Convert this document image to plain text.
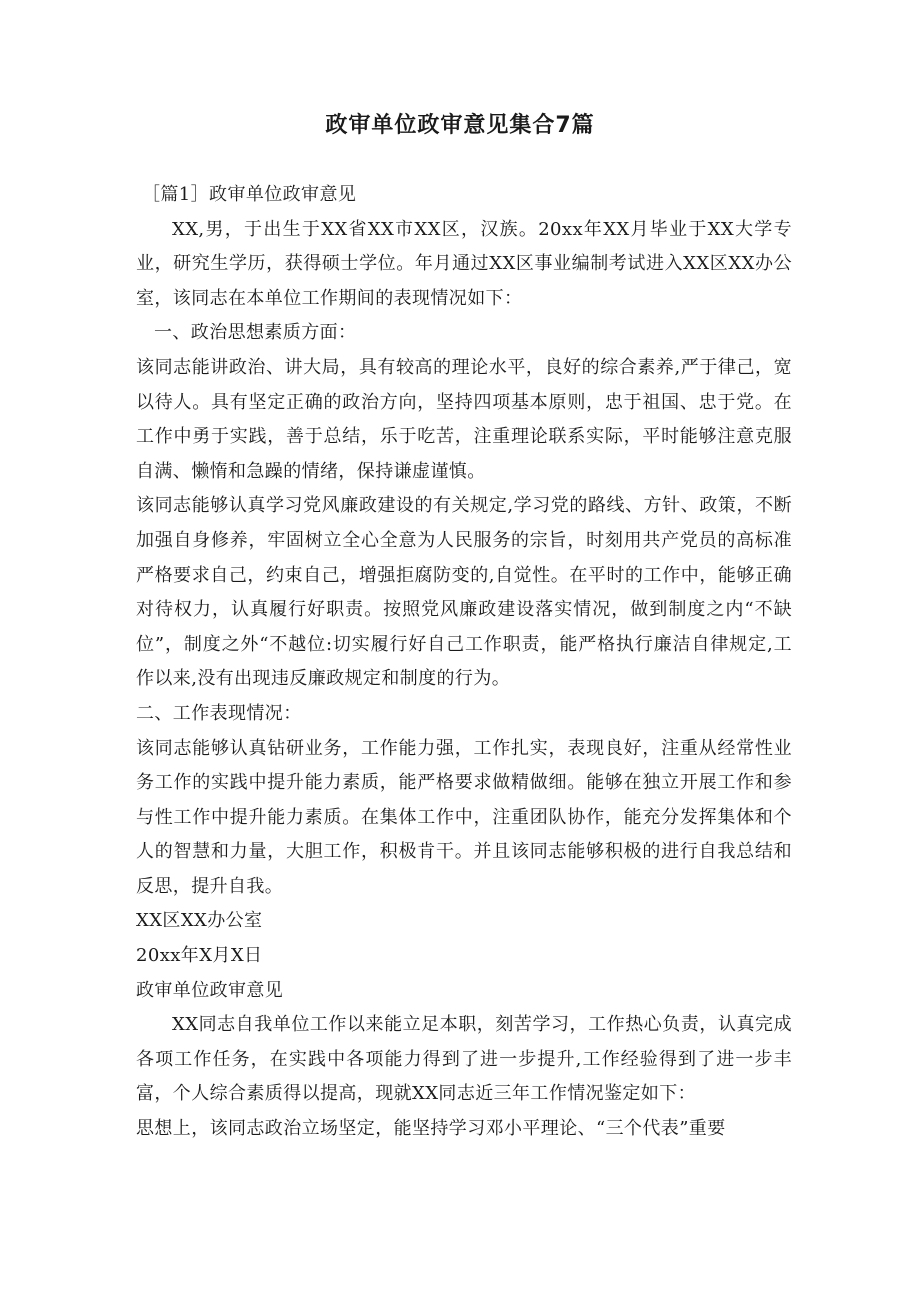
政审单位政审意见集合7篇

［篇1］政审单位政审意见

XX,男，于出生于XX省XX市XX区，汉族。20xx年XX月毕业于XX大学专业，研究生学历，获得硕士学位。年月通过XX区事业编制考试进入XX区XX办公室，该同志在本单位工作期间的表现情况如下：

一、政治思想素质方面：

该同志能讲政治、讲大局，具有较高的理论水平，良好的综合素养,严于律己，宽以待人。具有坚定正确的政治方向，坚持四项基本原则，忠于祖国、忠于党。在工作中勇于实践，善于总结，乐于吃苦，注重理论联系实际，平时能够注意克服自满、懒惰和急躁的情绪，保持谦虚谨慎。

该同志能够认真学习党风廉政建设的有关规定,学习党的路线、方针、政策，不断加强自身修养，牢固树立全心全意为人民服务的宗旨，时刻用共产党员的高标准严格要求自己，约束自己，增强拒腐防变的,自觉性。在平时的工作中，能够正确对待权力，认真履行好职责。按照党风廉政建设落实情况，做到制度之内“不缺位”，制度之外“不越位:切实履行好自己工作职责，能严格执行廉洁自律规定,工作以来,没有出现违反廉政规定和制度的行为。

二、工作表现情况：

该同志能够认真钻研业务，工作能力强，工作扎实，表现良好，注重从经常性业务工作的实践中提升能力素质，能严格要求做精做细。能够在独立开展工作和参与性工作中提升能力素质。在集体工作中，注重团队协作，能充分发挥集体和个人的智慧和力量，大胆工作，积极肯干。并且该同志能够积极的进行自我总结和反思，提升自我。

XX区XX办公室

20xx年X月X日

政审单位政审意见

XX同志自我单位工作以来能立足本职，刻苦学习，工作热心负责，认真完成各项工作任务，在实践中各项能力得到了进一步提升,工作经验得到了进一步丰富，个人综合素质得以提高，现就XX同志近三年工作情况鉴定如下：

思想上，该同志政治立场坚定，能坚持学习邓小平理论、“三个代表”重要
